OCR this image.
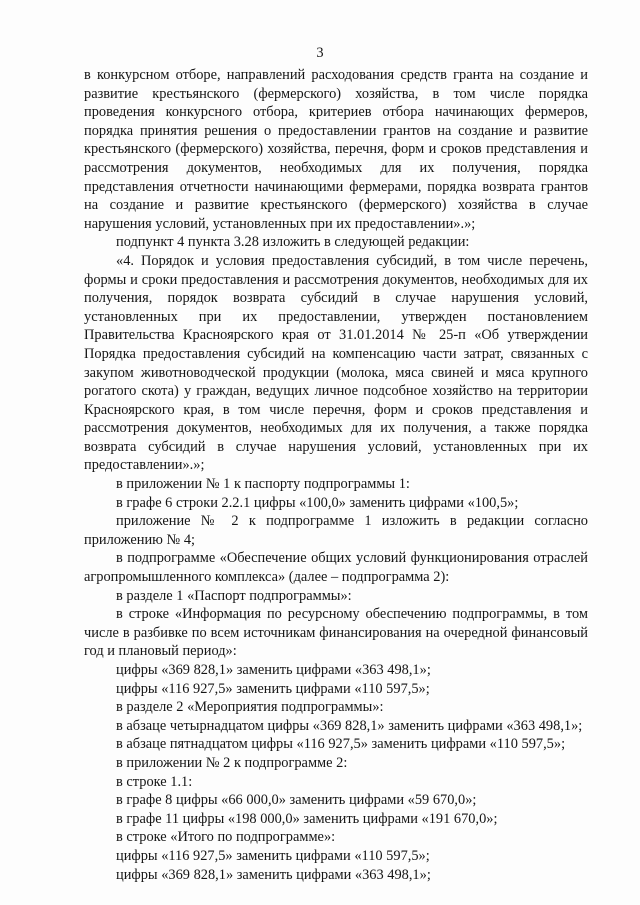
3

в конкурсном отборе, направлений расходования средств гранта на создание и развитие крестьянского (фермерского) хозяйства, в том числе порядка проведения конкурсного отбора, критериев отбора начинающих фермеров, порядка принятия решения о предоставлении грантов на создание и развитие крестьянского (фермерского) хозяйства, перечня, форм и сроков представления и рассмотрения документов, необходимых для их получения, порядка представления отчетности начинающими фермерами, порядка возврата грантов на создание и развитие крестьянского (фермерского) хозяйства в случае нарушения условий, установленных при их предоставлении».»;

подпункт 4 пункта 3.28 изложить в следующей редакции:

«4. Порядок и условия предоставления субсидий, в том числе перечень, формы и сроки предоставления и рассмотрения документов, необходимых для их получения, порядок возврата субсидий в случае нарушения условий, установленных при их предоставлении, утвержден постановлением Правительства Красноярского края от 31.01.2014 № 25-п «Об утверждении Порядка предоставления субсидий на компенсацию части затрат, связанных с закупом животноводческой продукции (молока, мяса свиней и мяса крупного рогатого скота) у граждан, ведущих личное подсобное хозяйство на территории Красноярского края, в том числе перечня, форм и сроков представления и рассмотрения документов, необходимых для их получения, а также порядка возврата субсидий в случае нарушения условий, установленных при их предоставлении».»;

в приложении № 1 к паспорту подпрограммы 1:

в графе 6 строки 2.2.1 цифры «100,0» заменить цифрами «100,5»;

приложение № 2 к подпрограмме 1 изложить в редакции согласно приложению № 4;

в подпрограмме «Обеспечение общих условий функционирования отраслей агропромышленного комплекса» (далее – подпрограмма 2):

в разделе 1 «Паспорт подпрограммы»:

в строке «Информация по ресурсному обеспечению подпрограммы, в том числе в разбивке по всем источникам финансирования на очередной финансовый год и плановый период»:

цифры «369 828,1» заменить цифрами «363 498,1»;

цифры «116 927,5» заменить цифрами «110 597,5»;

в разделе 2 «Мероприятия подпрограммы»:

в абзаце четырнадцатом цифры «369 828,1» заменить цифрами «363 498,1»;

в абзаце пятнадцатом цифры «116 927,5» заменить цифрами «110 597,5»;

в приложении № 2 к подпрограмме 2:

в строке 1.1:

в графе 8 цифры «66 000,0» заменить цифрами «59 670,0»;

в графе 11 цифры «198 000,0» заменить цифрами «191 670,0»;

в строке «Итого по подпрограмме»:

цифры «116 927,5» заменить цифрами «110 597,5»;

цифры «369 828,1» заменить цифрами «363 498,1»;
